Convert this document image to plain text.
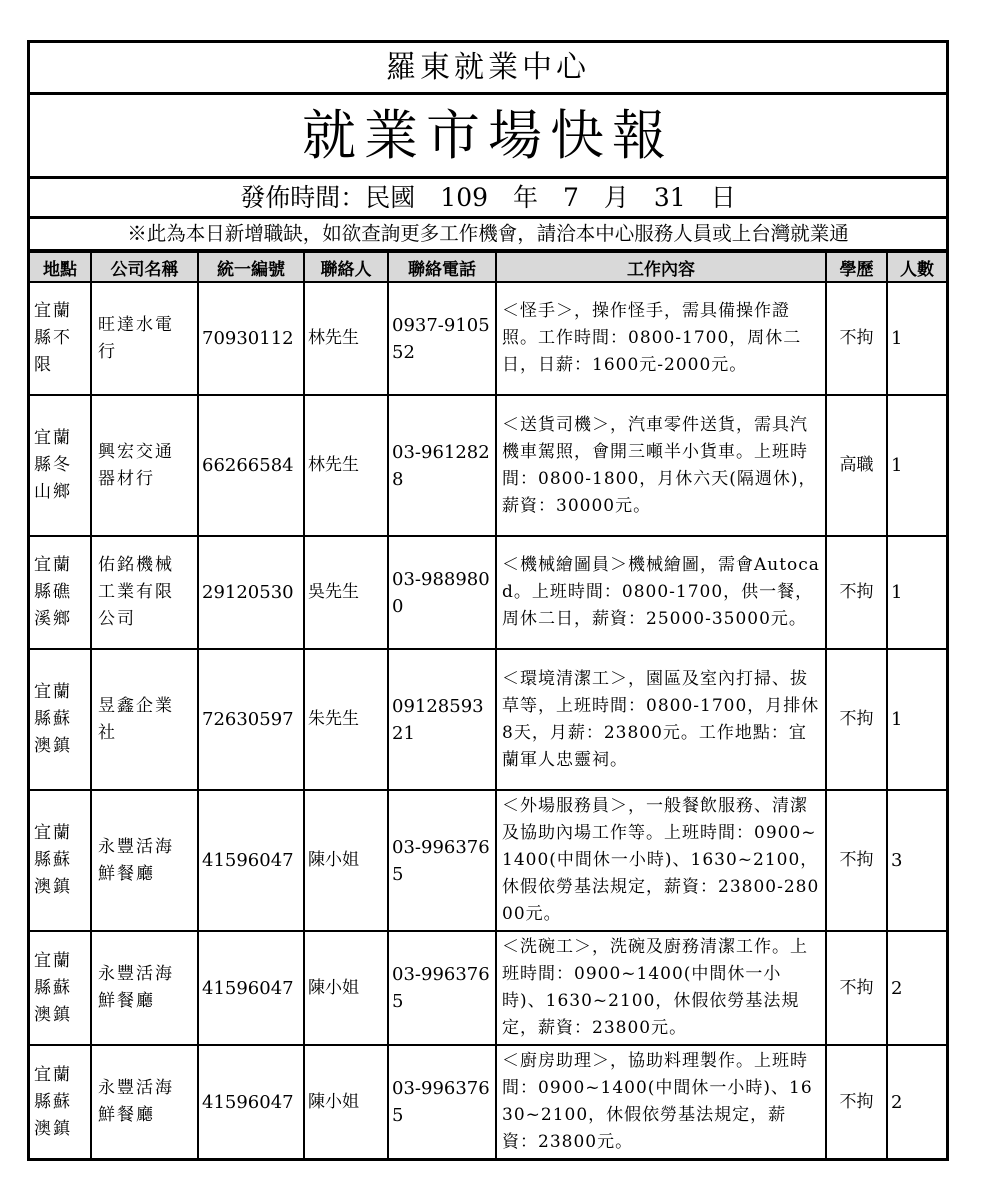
羅東就業中心
就業市場快報
發佈時間：民國　109　年　7　月　31　日
※此為本日新增職缺，如欲查詢更多工作機會，請洽本中心服務人員或上台灣就業通
地點	公司名稱	統一編號	聯絡人	聯絡電話	工作內容	學歷	人數
宜蘭縣不限	旺達水電行	70930112	林先生	0937-910552	＜怪手＞，操作怪手，需具備操作證照。工作時間：0800-1700，周休二日，日薪：1600元-2000元。	不拘	1
宜蘭縣冬山鄉	興宏交通器材行	66266584	林先生	03-9612828	＜送貨司機＞，汽車零件送貨，需具汽機車駕照，會開三噸半小貨車。上班時間：0800-1800，月休六天(隔週休)，薪資：30000元。	高職	1
宜蘭縣礁溪鄉	佑銘機械工業有限公司	29120530	吳先生	03-9889800	＜機械繪圖員＞機械繪圖，需會Autocad。上班時間：0800-1700，供一餐，周休二日，薪資：25000-35000元。	不拘	1
宜蘭縣蘇澳鎮	昱鑫企業社	72630597	朱先生	0912859321	＜環境清潔工＞，園區及室內打掃、拔草等，上班時間：0800-1700，月排休8天，月薪：23800元。工作地點：宜蘭軍人忠靈祠。	不拘	1
宜蘭縣蘇澳鎮	永豐活海鮮餐廳	41596047	陳小姐	03-9963765	＜外場服務員＞，一般餐飲服務、清潔及協助內場工作等。上班時間：0900~1400(中間休一小時)、1630~2100，休假依勞基法規定，薪資：23800-28000元。	不拘	3
宜蘭縣蘇澳鎮	永豐活海鮮餐廳	41596047	陳小姐	03-9963765	＜洗碗工＞，洗碗及廚務清潔工作。上班時間：0900~1400(中間休一小時)、1630~2100，休假依勞基法規定，薪資：23800元。	不拘	2
宜蘭縣蘇澳鎮	永豐活海鮮餐廳	41596047	陳小姐	03-9963765	＜廚房助理＞，協助料理製作。上班時間：0900~1400(中間休一小時)、1630~2100，休假依勞基法規定，薪資：23800元。	不拘	2
